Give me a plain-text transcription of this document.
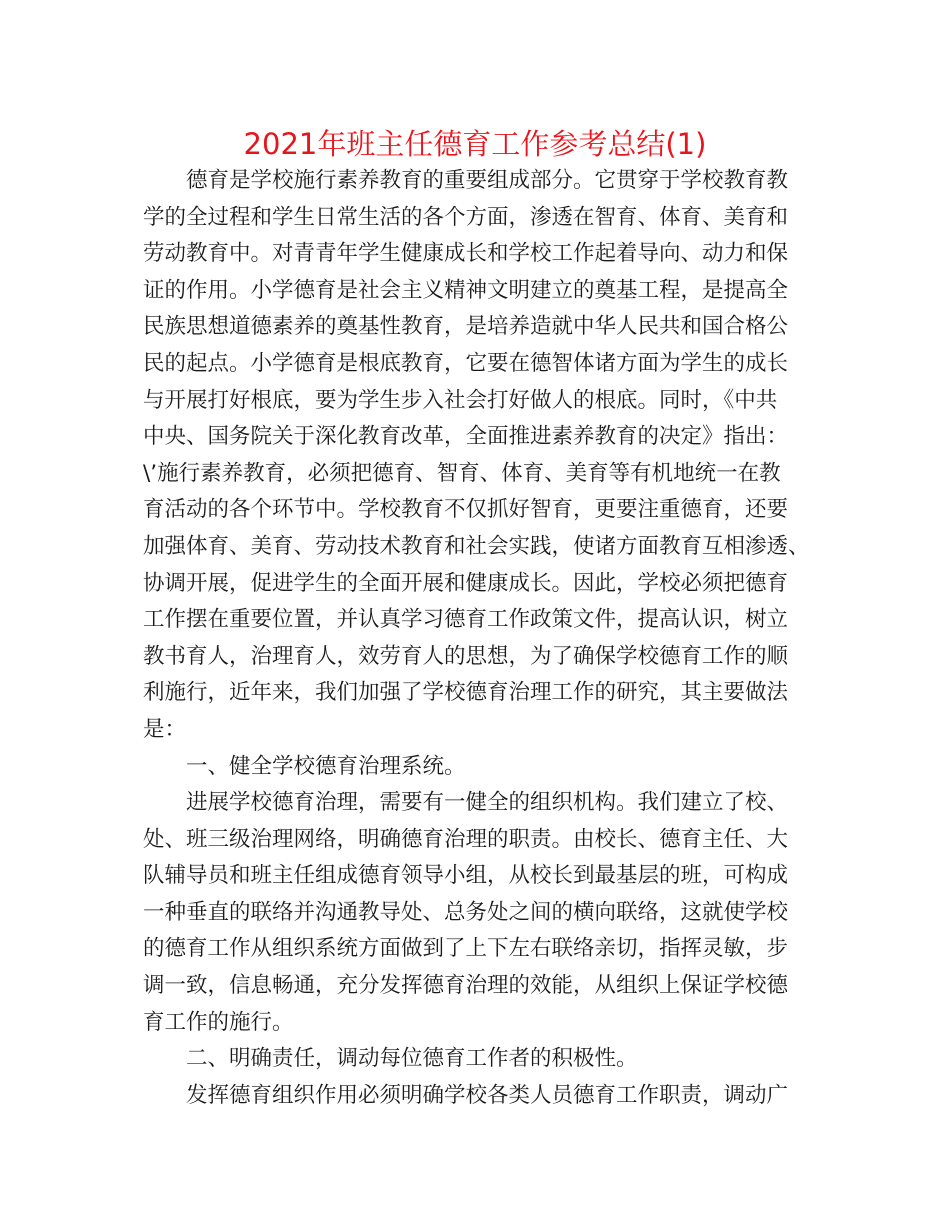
2021年班主任德育工作参考总结(1)

德育是学校施行素养教育的重要组成部分。它贯穿于学校教育教
学的全过程和学生日常生活的各个方面，渗透在智育、体育、美育和
劳动教育中。对青青年学生健康成长和学校工作起着导向、动力和保
证的作用。小学德育是社会主义精神文明建立的奠基工程，是提高全
民族思想道德素养的奠基性教育，是培养造就中华人民共和国合格公
民的起点。小学德育是根底教育，它要在德智体诸方面为学生的成长
与开展打好根底，要为学生步入社会打好做人的根底。同时，《中共
中央、国务院关于深化教育改革，全面推进素养教育的决定》指出：
\’施行素养教育，必须把德育、智育、体育、美育等有机地统一在教
育活动的各个环节中。学校教育不仅抓好智育，更要注重德育，还要
加强体育、美育、劳动技术教育和社会实践，使诸方面教育互相渗透、
协调开展，促进学生的全面开展和健康成长。因此，学校必须把德育
工作摆在重要位置，并认真学习德育工作政策文件，提高认识，树立
教书育人，治理育人，效劳育人的思想，为了确保学校德育工作的顺
利施行，近年来，我们加强了学校德育治理工作的研究，其主要做法
是：

一、健全学校德育治理系统。

进展学校德育治理，需要有一健全的组织机构。我们建立了校、
处、班三级治理网络，明确德育治理的职责。由校长、德育主任、大
队辅导员和班主任组成德育领导小组，从校长到最基层的班，可构成
一种垂直的联络并沟通教导处、总务处之间的横向联络，这就使学校
的德育工作从组织系统方面做到了上下左右联络亲切，指挥灵敏，步
调一致，信息畅通，充分发挥德育治理的效能，从组织上保证学校德
育工作的施行。

二、明确责任，调动每位德育工作者的积极性。

发挥德育组织作用必须明确学校各类人员德育工作职责，调动广
